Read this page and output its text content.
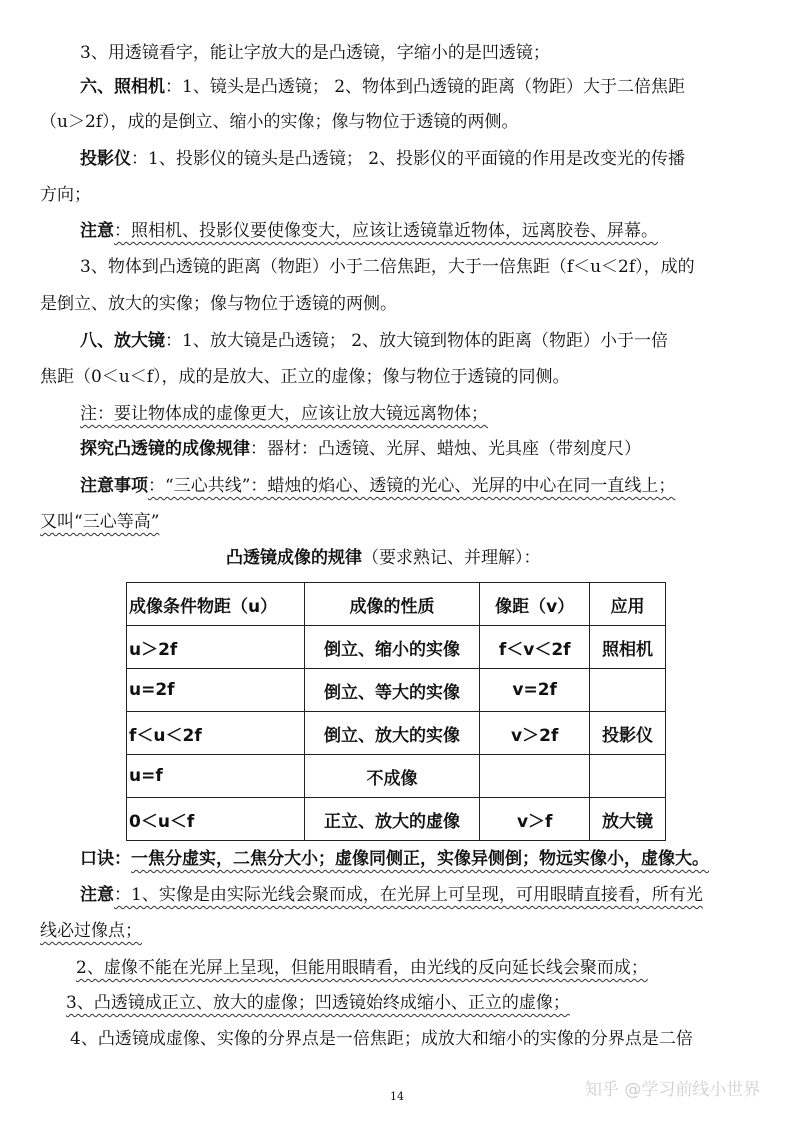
3、用透镜看字，能让字放大的是凸透镜，字缩小的是凹透镜；
六、照相机：1、镜头是凸透镜； 2、物体到凸透镜的距离（物距）大于二倍焦距
（u＞2f），成的是倒立、缩小的实像；像与物位于透镜的两侧。
投影仪：1、投影仪的镜头是凸透镜； 2、投影仪的平面镜的作用是改变光的传播
方向；
注意：照相机、投影仪要使像变大，应该让透镜靠近物体，远离胶卷、屏幕。
3、物体到凸透镜的距离（物距）小于二倍焦距，大于一倍焦距（f＜u＜2f），成的
是倒立、放大的实像；像与物位于透镜的两侧。
八、放大镜：1、放大镜是凸透镜； 2、放大镜到物体的距离（物距）小于一倍
焦距（0＜u＜f），成的是放大、正立的虚像；像与物位于透镜的同侧。
注：要让物体成的虚像更大，应该让放大镜远离物体；
探究凸透镜的成像规律：器材：凸透镜、光屏、蜡烛、光具座（带刻度尺）
注意事项：“三心共线”：蜡烛的焰心、透镜的光心、光屏的中心在同一直线上；
又叫“三心等高”
凸透镜成像的规律（要求熟记、并理解）：
成像条件物距（u）	成像的性质	像距（v）	应用
u＞2f	倒立、缩小的实像	f＜v＜2f	照相机
u=2f	倒立、等大的实像	v=2f	
f＜u＜2f	倒立、放大的实像	v＞2f	投影仪
u=f	不成像		
0＜u＜f	正立、放大的虚像	v＞f	放大镜
口诀：一焦分虚实，二焦分大小；虚像同侧正，实像异侧倒；物远实像小，虚像大。
注意：1、实像是由实际光线会聚而成，在光屏上可呈现，可用眼睛直接看，所有光
线必过像点；
2、虚像不能在光屏上呈现，但能用眼睛看，由光线的反向延长线会聚而成；
3、凸透镜成正立、放大的虚像；凹透镜始终成缩小、正立的虚像；
4、凸透镜成虚像、实像的分界点是一倍焦距；成放大和缩小的实像的分界点是二倍
14	知乎 @学习前线小世界
